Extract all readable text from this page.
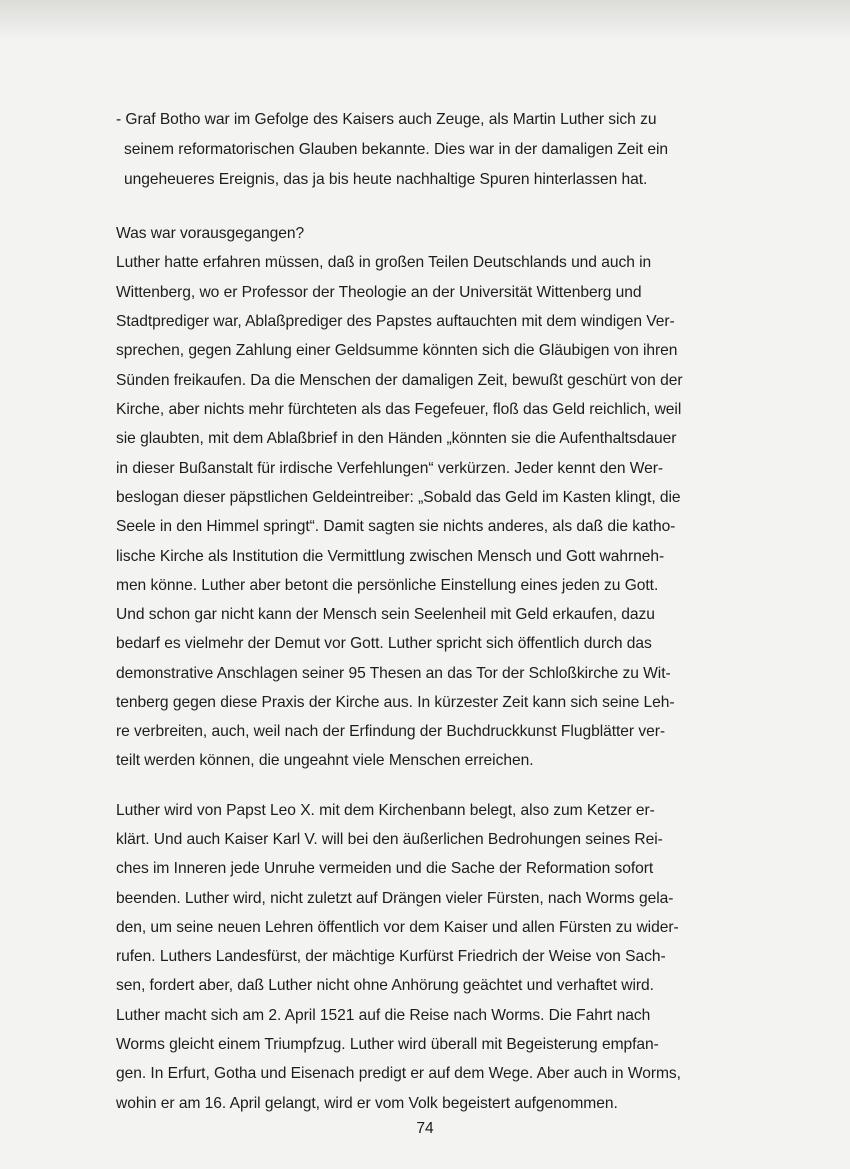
- Graf Botho war im Gefolge des Kaisers auch Zeuge, als Martin Luther sich zu
seinem reformatorischen Glauben bekannte. Dies war in der damaligen Zeit ein
ungeheueres Ereignis, das ja bis heute nachhaltige Spuren hinterlassen hat.
Was war vorausgegangen?
Luther hatte erfahren müssen, daß in großen Teilen Deutschlands und auch in
Wittenberg, wo er Professor der Theologie an der Universität Wittenberg und
Stadtprediger war, Ablaßprediger des Papstes auftauchten mit dem windigen Ver-
sprechen, gegen Zahlung einer Geldsumme könnten sich die Gläubigen von ihren
Sünden freikaufen. Da die Menschen der damaligen Zeit, bewußt geschürt von der
Kirche, aber nichts mehr fürchteten als das Fegefeuer, floß das Geld reichlich, weil
sie glaubten, mit dem Ablaßbrief in den Händen „könnten sie die Aufenthaltsdauer
in dieser Bußanstalt für irdische Verfehlungen“ verkürzen. Jeder kennt den Wer-
beslogan dieser päpstlichen Geldeintreiber: „Sobald das Geld im Kasten klingt, die
Seele in den Himmel springt“. Damit sagten sie nichts anderes, als daß die katho-
lische Kirche als Institution die Vermittlung zwischen Mensch und Gott wahrneh-
men könne. Luther aber betont die persönliche Einstellung eines jeden zu Gott.
Und schon gar nicht kann der Mensch sein Seelenheil mit Geld erkaufen, dazu
bedarf es vielmehr der Demut vor Gott. Luther spricht sich öffentlich durch das
demonstrative Anschlagen seiner 95 Thesen an das Tor der Schloßkirche zu Wit-
tenberg gegen diese Praxis der Kirche aus. In kürzester Zeit kann sich seine Leh-
re verbreiten, auch, weil nach der Erfindung der Buchdruckkunst Flugblätter ver-
teilt werden können, die ungeahnt viele Menschen erreichen.
Luther wird von Papst Leo X. mit dem Kirchenbann belegt, also zum Ketzer er-
klärt. Und auch Kaiser Karl V. will bei den äußerlichen Bedrohungen seines Rei-
ches im Inneren jede Unruhe vermeiden und die Sache der Reformation sofort
beenden. Luther wird, nicht zuletzt auf Drängen vieler Fürsten, nach Worms gela-
den, um seine neuen Lehren öffentlich vor dem Kaiser und allen Fürsten zu wider-
rufen. Luthers Landesfürst, der mächtige Kurfürst Friedrich der Weise von Sach-
sen, fordert aber, daß Luther nicht ohne Anhörung geächtet und verhaftet wird.
Luther macht sich am 2. April 1521 auf die Reise nach Worms. Die Fahrt nach
Worms gleicht einem Triumpfzug. Luther wird überall mit Begeisterung empfan-
gen. In Erfurt, Gotha und Eisenach predigt er auf dem Wege. Aber auch in Worms,
wohin er am 16. April gelangt, wird er vom Volk begeistert aufgenommen.
74
